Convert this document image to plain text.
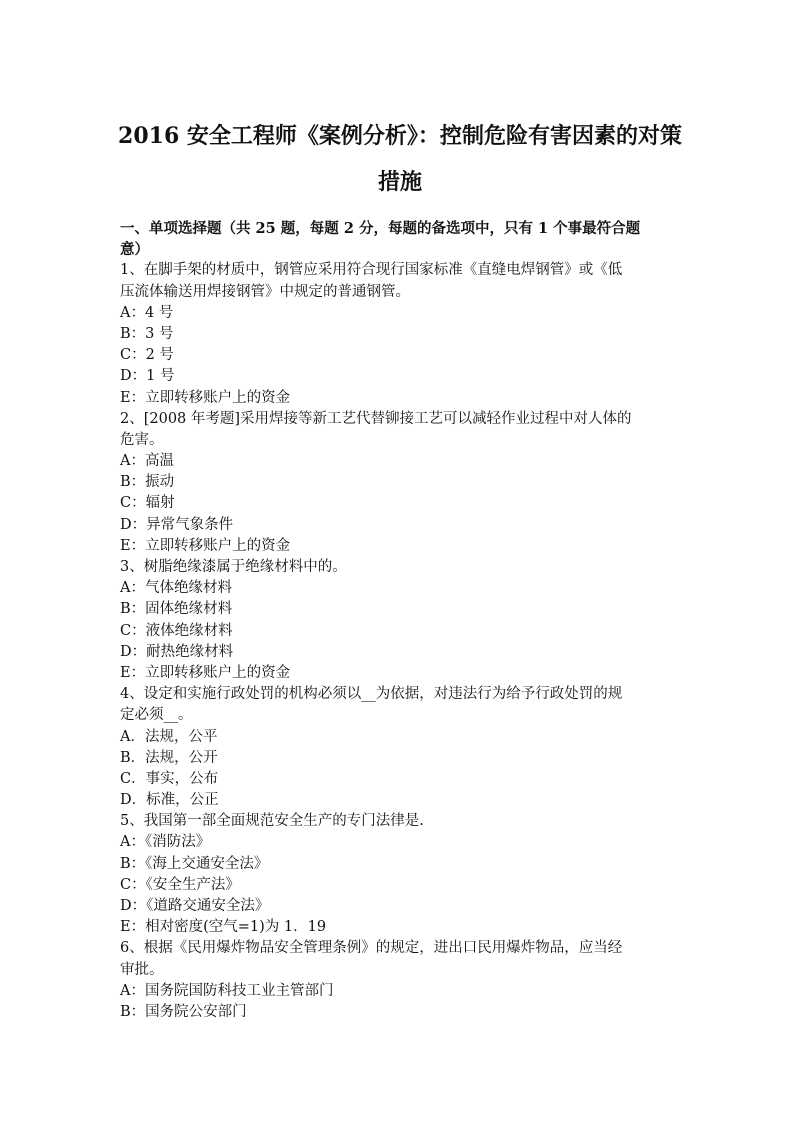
2016 安全工程师《案例分析》：控制危险有害因素的对策
措施
一、单项选择题（共 25 题，每题 2 分，每题的备选项中，只有 1 个事最符合题
意）
1、在脚手架的材质中，钢管应采用符合现行国家标准《直缝电焊钢管》或《低
压流体输送用焊接钢管》中规定的普通钢管。
A：4 号
B：3 号
C：2 号
D：1 号
E：立即转移账户上的资金
2、[2008 年考题]采用焊接等新工艺代替铆接工艺可以减轻作业过程中对人体的
危害。
A：高温
B：振动
C：辐射
D：异常气象条件
E：立即转移账户上的资金
3、树脂绝缘漆属于绝缘材料中的。
A：气体绝缘材料
B：固体绝缘材料
C：液体绝缘材料
D：耐热绝缘材料
E：立即转移账户上的资金
4、设定和实施行政处罚的机构必须以__为依据，对违法行为给予行政处罚的规
定必须__。
A．法规，公平
B．法规，公开
C．事实，公布
D．标准，公正
5、我国第一部全面规范安全生产的专门法律是.
A：《消防法》
B：《海上交通安全法》
C：《安全生产法》
D：《道路交通安全法》
E：相对密度(空气=1)为 1．19
6、根据《民用爆炸物品安全管理条例》的规定，进出口民用爆炸物品，应当经
审批。
A：国务院国防科技工业主管部门
B：国务院公安部门
